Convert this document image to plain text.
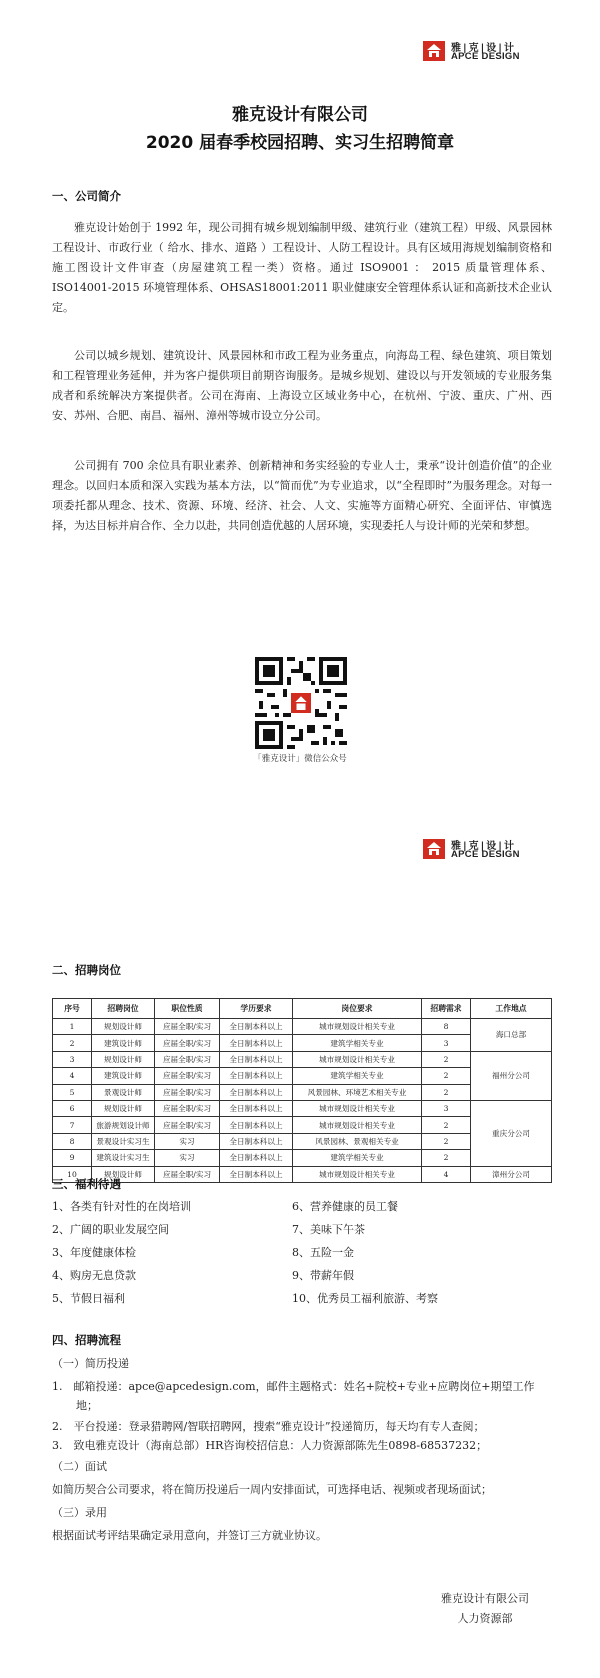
雅|克|设|计
APCE DESIGN
雅克设计有限公司
2020 届春季校园招聘、实习生招聘简章
一、公司简介
雅克设计始创于 1992 年，现公司拥有城乡规划编制甲级、建筑行业（建筑工程）甲级、风景园林工程设计、市政行业（ 给水、排水、道路 ）工程设计、人防工程设计。具有区域用海规划编制资格和施工图设计文件审查（房屋建筑工程一类）资格。通过 ISO9001 ： 2015 质量管理体系、ISO14001-2015 环境管理体系、OHSAS18001:2011 职业健康安全管理体系认证和高新技术企业认定。
公司以城乡规划、建筑设计、风景园林和市政工程为业务重点，向海岛工程、绿色建筑、项目策划和工程管理业务延伸，并为客户提供项目前期咨询服务。是城乡规划、建设以与开发领域的专业服务集成者和系统解决方案提供者。公司在海南、上海设立区域业务中心，在杭州、宁波、重庆、广州、西安、苏州、合肥、南昌、福州、漳州等城市设立分公司。
公司拥有 700 余位具有职业素养、创新精神和务实经验的专业人士，秉承“设计创造价值”的企业理念。以回归本质和深入实践为基本方法，以“简而优”为专业追求，以“全程即时”为服务理念。对每一项委托都从理念、技术、资源、环境、经济、社会、人文、实施等方面精心研究、全面评估、审慎选择，为达目标并肩合作、全力以赴，共同创造优越的人居环境，实现委托人与设计师的光荣和梦想。
「雅克设计」微信公众号
雅|克|设|计
APCE DESIGN
二、招聘岗位
序号	招聘岗位	职位性质	学历要求	岗位要求	招聘需求	工作地点
1	规划设计师	应届全职/实习	全日制本科以上	城市规划设计相关专业	8	海口总部
2	建筑设计师	应届全职/实习	全日制本科以上	建筑学相关专业	3	
3	规划设计师	应届全职/实习	全日制本科以上	城市规划设计相关专业	2	福州分公司
4	建筑设计师	应届全职/实习	全日制本科以上	建筑学相关专业	2	
5	景观设计师	应届全职/实习	全日制本科以上	风景园林、环境艺术相关专业	2	
6	规划设计师	应届全职/实习	全日制本科以上	城市规划设计相关专业	3	重庆分公司
7	旅游规划设计师	应届全职/实习	全日制本科以上	城市规划设计相关专业	2	
8	景观设计实习生	实习	全日制本科以上	风景园林、景观相关专业	2	
9	建筑设计实习生	实习	全日制本科以上	建筑学相关专业	2	
10	规划设计师	应届全职/实习	全日制本科以上	城市规划设计相关专业	4	漳州分公司
三、福利待遇
1、各类有针对性的在岗培训
2、广阔的职业发展空间
3、年度健康体检
4、购房无息贷款
5、节假日福利
6、营养健康的员工餐
7、美味下午茶
8、五险一金
9、带薪年假
10、优秀员工福利旅游、考察
四、招聘流程
（一）简历投递
1.　邮箱投递：apce@apcedesign.com，邮件主题格式：姓名+院校+专业+应聘岗位+期望工作
地；
2.　平台投递：登录猎聘网/智联招聘网，搜索“雅克设计”投递简历，每天均有专人查阅；
3.　致电雅克设计（海南总部）HR咨询校招信息：人力资源部陈先生0898-68537232；
（二）面试
如简历契合公司要求，将在简历投递后一周内安排面试，可选择电话、视频或者现场面试；
（三）录用
根据面试考评结果确定录用意向，并签订三方就业协议。
雅克设计有限公司
人力资源部
